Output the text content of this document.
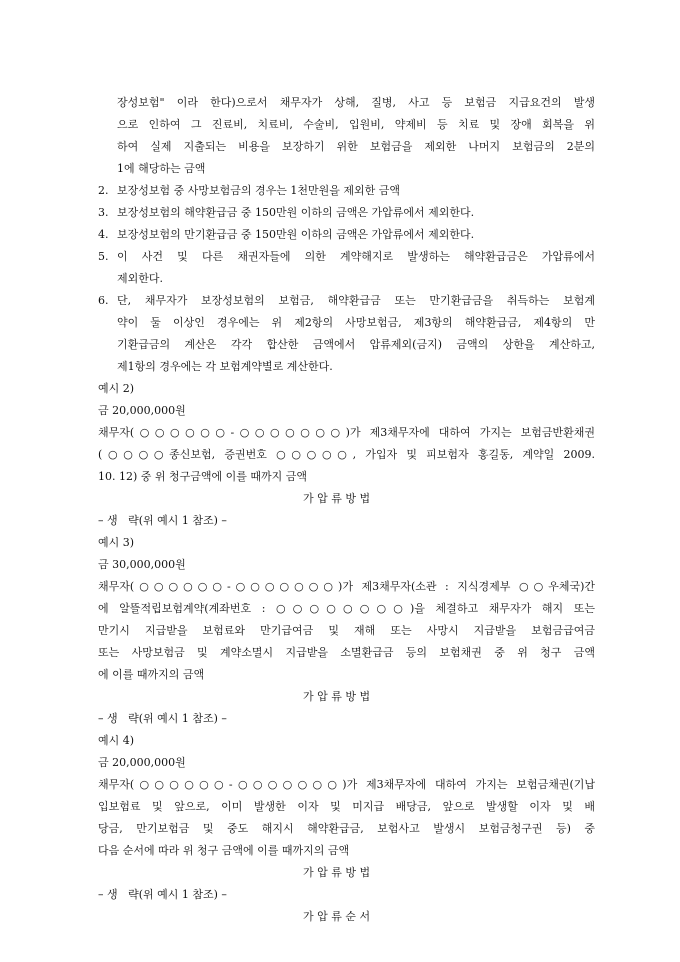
장성보험" 이라 한다)으로서 채무자가 상해, 질병, 사고 등 보험금 지급요건의 발생
으로 인하여 그 진료비, 치료비, 수술비, 입원비, 약제비 등 치료 및 장애 회복을 위
하여 실제 지출되는 비용을 보장하기 위한 보험금을 제외한 나머지 보험금의 2분의
1에 해당하는 금액
2. 보장성보험 중 사망보험금의 경우는 1천만원을 제외한 금액
3. 보장성보험의 해약환급금 중 150만원 이하의 금액은 가압류에서 제외한다.
4. 보장성보험의 만기환급금 중 150만원 이하의 금액은 가압류에서 제외한다.
5. 이 사건 및 다른 채권자들에 의한 계약해지로 발생하는 해약환급금은 가압류에서
제외한다.
6. 단, 채무자가 보장성보험의 보험금, 해약환급금 또는 만기환급금을 취득하는 보험계
약이 둘 이상인 경우에는 위 제2항의 사망보험금, 제3항의 해약환급금, 제4항의 만
기환급금의 계산은 각각 합산한 금액에서 압류제외(금지) 금액의 상한을 계산하고,
제1항의 경우에는 각 보험계약별로 계산한다.
예시 2)
금 20,000,000원
채무자(○○○○○○-○○○○○○○)가 제3채무자에 대하여 가지는 보험금반환채권
(○○○○종신보험, 증권번호 ○○○○○, 가입자 및 피보험자 홍길동, 계약일 2009.
10. 12) 중 위 청구금액에 이를 때까지 금액
가 압 류 방 법
– 생   략(위 예시 1 참조) –
예시 3)
금 30,000,000원
채무자(○○○○○○-○○○○○○○)가 제3채무자(소관 : 지식경제부 ○○우체국)간
에 알뜰적립보험계약(계좌번호 : ○○○○○○○○)을 체결하고 채무자가 해지 또는
만기시 지급받을 보험료와 만기급여금 및 재해 또는 사망시 지급받을 보험금급여금
또는 사망보험금 및 계약소멸시 지급받을 소멸환급금 등의 보험채권 중 위 청구 금액
에 이를 때까지의 금액
가 압 류 방 법
– 생   략(위 예시 1 참조) –
예시 4)
금 20,000,000원
채무자(○○○○○○-○○○○○○○)가 제3채무자에 대하여 가지는 보험금채권(기납
입보험료 및 앞으로, 이미 발생한 이자 및 미지급 배당금, 앞으로 발생할 이자 및 배
당금, 만기보험금 및 중도 해지시 해약환급금, 보험사고 발생시 보험금청구권 등) 중
다음 순서에 따라 위 청구 금액에 이를 때까지의 금액
가 압 류 방 법
– 생   략(위 예시 1 참조) –
가 압 류 순 서
